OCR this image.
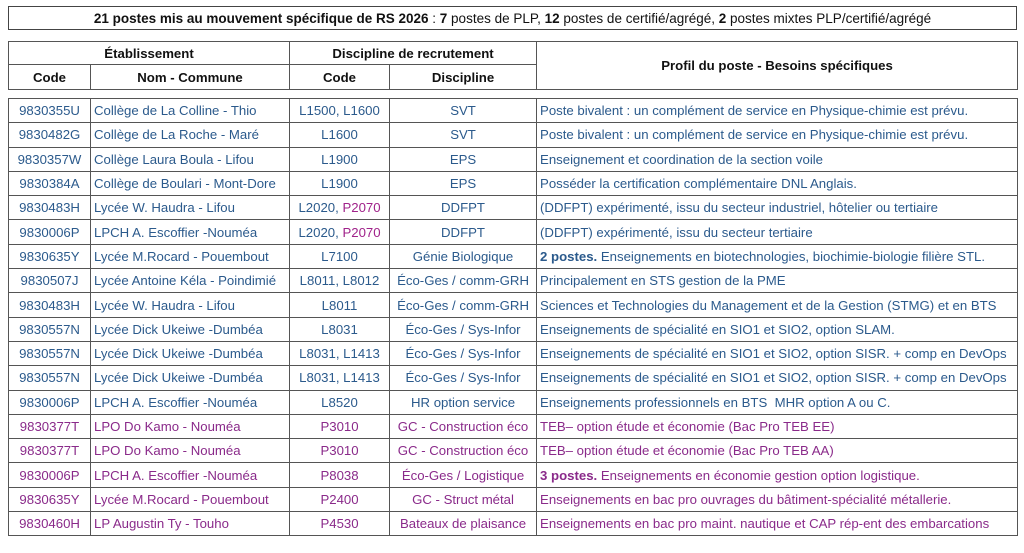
21 postes mis au mouvement spécifique de RS 2026 : 7 postes de PLP, 12 postes de certifié/agrégé, 2 postes mixtes PLP/certifié/agrégé
Établissement		Discipline de recrutement		Profil du poste - Besoins spécifiques
Code	Nom - Commune	Code	Discipline	

9830355U	Collège de La Colline - Thio	L1500, L1600	SVT	Poste bivalent : un complément de service en Physique-chimie est prévu.
9830482G	Collège de La Roche - Maré	L1600	SVT	Poste bivalent : un complément de service en Physique-chimie est prévu.
9830357W	Collège Laura Boula - Lifou	L1900	EPS	Enseignement et coordination de la section voile
9830384A	Collège de Boulari - Mont-Dore	L1900	EPS	Posséder la certification complémentaire DNL Anglais.
9830483H	Lycée W. Haudra - Lifou	L2020, P2070	DDFPT	(DDFPT) expérimenté, issu du secteur industriel, hôtelier ou tertiaire
9830006P	LPCH A. Escoffier -Nouméa	L2020, P2070	DDFPT	(DDFPT) expérimenté, issu du secteur tertiaire
9830635Y	Lycée M.Rocard - Pouembout	L7100	Génie Biologique	2 postes. Enseignements en biotechnologies, biochimie-biologie filière STL.
9830507J	Lycée Antoine Kéla - Poindimié	L8011, L8012	Éco-Ges / comm-GRH	Principalement en STS gestion de la PME
9830483H	Lycée W. Haudra - Lifou	L8011	Éco-Ges / comm-GRH	Sciences et Technologies du Management et de la Gestion (STMG) et en BTS
9830557N	Lycée Dick Ukeiwe -Dumbéa	L8031	Éco-Ges / Sys-Infor	Enseignements de spécialité en SIO1 et SIO2, option SLAM.
9830557N	Lycée Dick Ukeiwe -Dumbéa	L8031, L1413	Éco-Ges / Sys-Infor	Enseignements de spécialité en SIO1 et SIO2, option SISR. + comp en DevOps
9830557N	Lycée Dick Ukeiwe -Dumbéa	L8031, L1413	Éco-Ges / Sys-Infor	Enseignements de spécialité en SIO1 et SIO2, option SISR. + comp en DevOps
9830006P	LPCH A. Escoffier -Nouméa	L8520	HR option service	Enseignements professionnels en BTS  MHR option A ou C.
9830377T	LPO Do Kamo - Nouméa	P3010	GC - Construction éco	TEB– option étude et économie (Bac Pro TEB EE)
9830377T	LPO Do Kamo - Nouméa	P3010	GC - Construction éco	TEB– option étude et économie (Bac Pro TEB AA)
9830006P	LPCH A. Escoffier -Nouméa	P8038	Éco-Ges / Logistique	3 postes. Enseignements en économie gestion option logistique.
9830635Y	Lycée M.Rocard - Pouembout	P2400	GC - Struct métal	Enseignements en bac pro ouvrages du bâtiment-spécialité métallerie.
9830460H	LP Augustin Ty - Touho	P4530	Bateaux de plaisance	Enseignements en bac pro maint. nautique et CAP rép-ent des embarcations
